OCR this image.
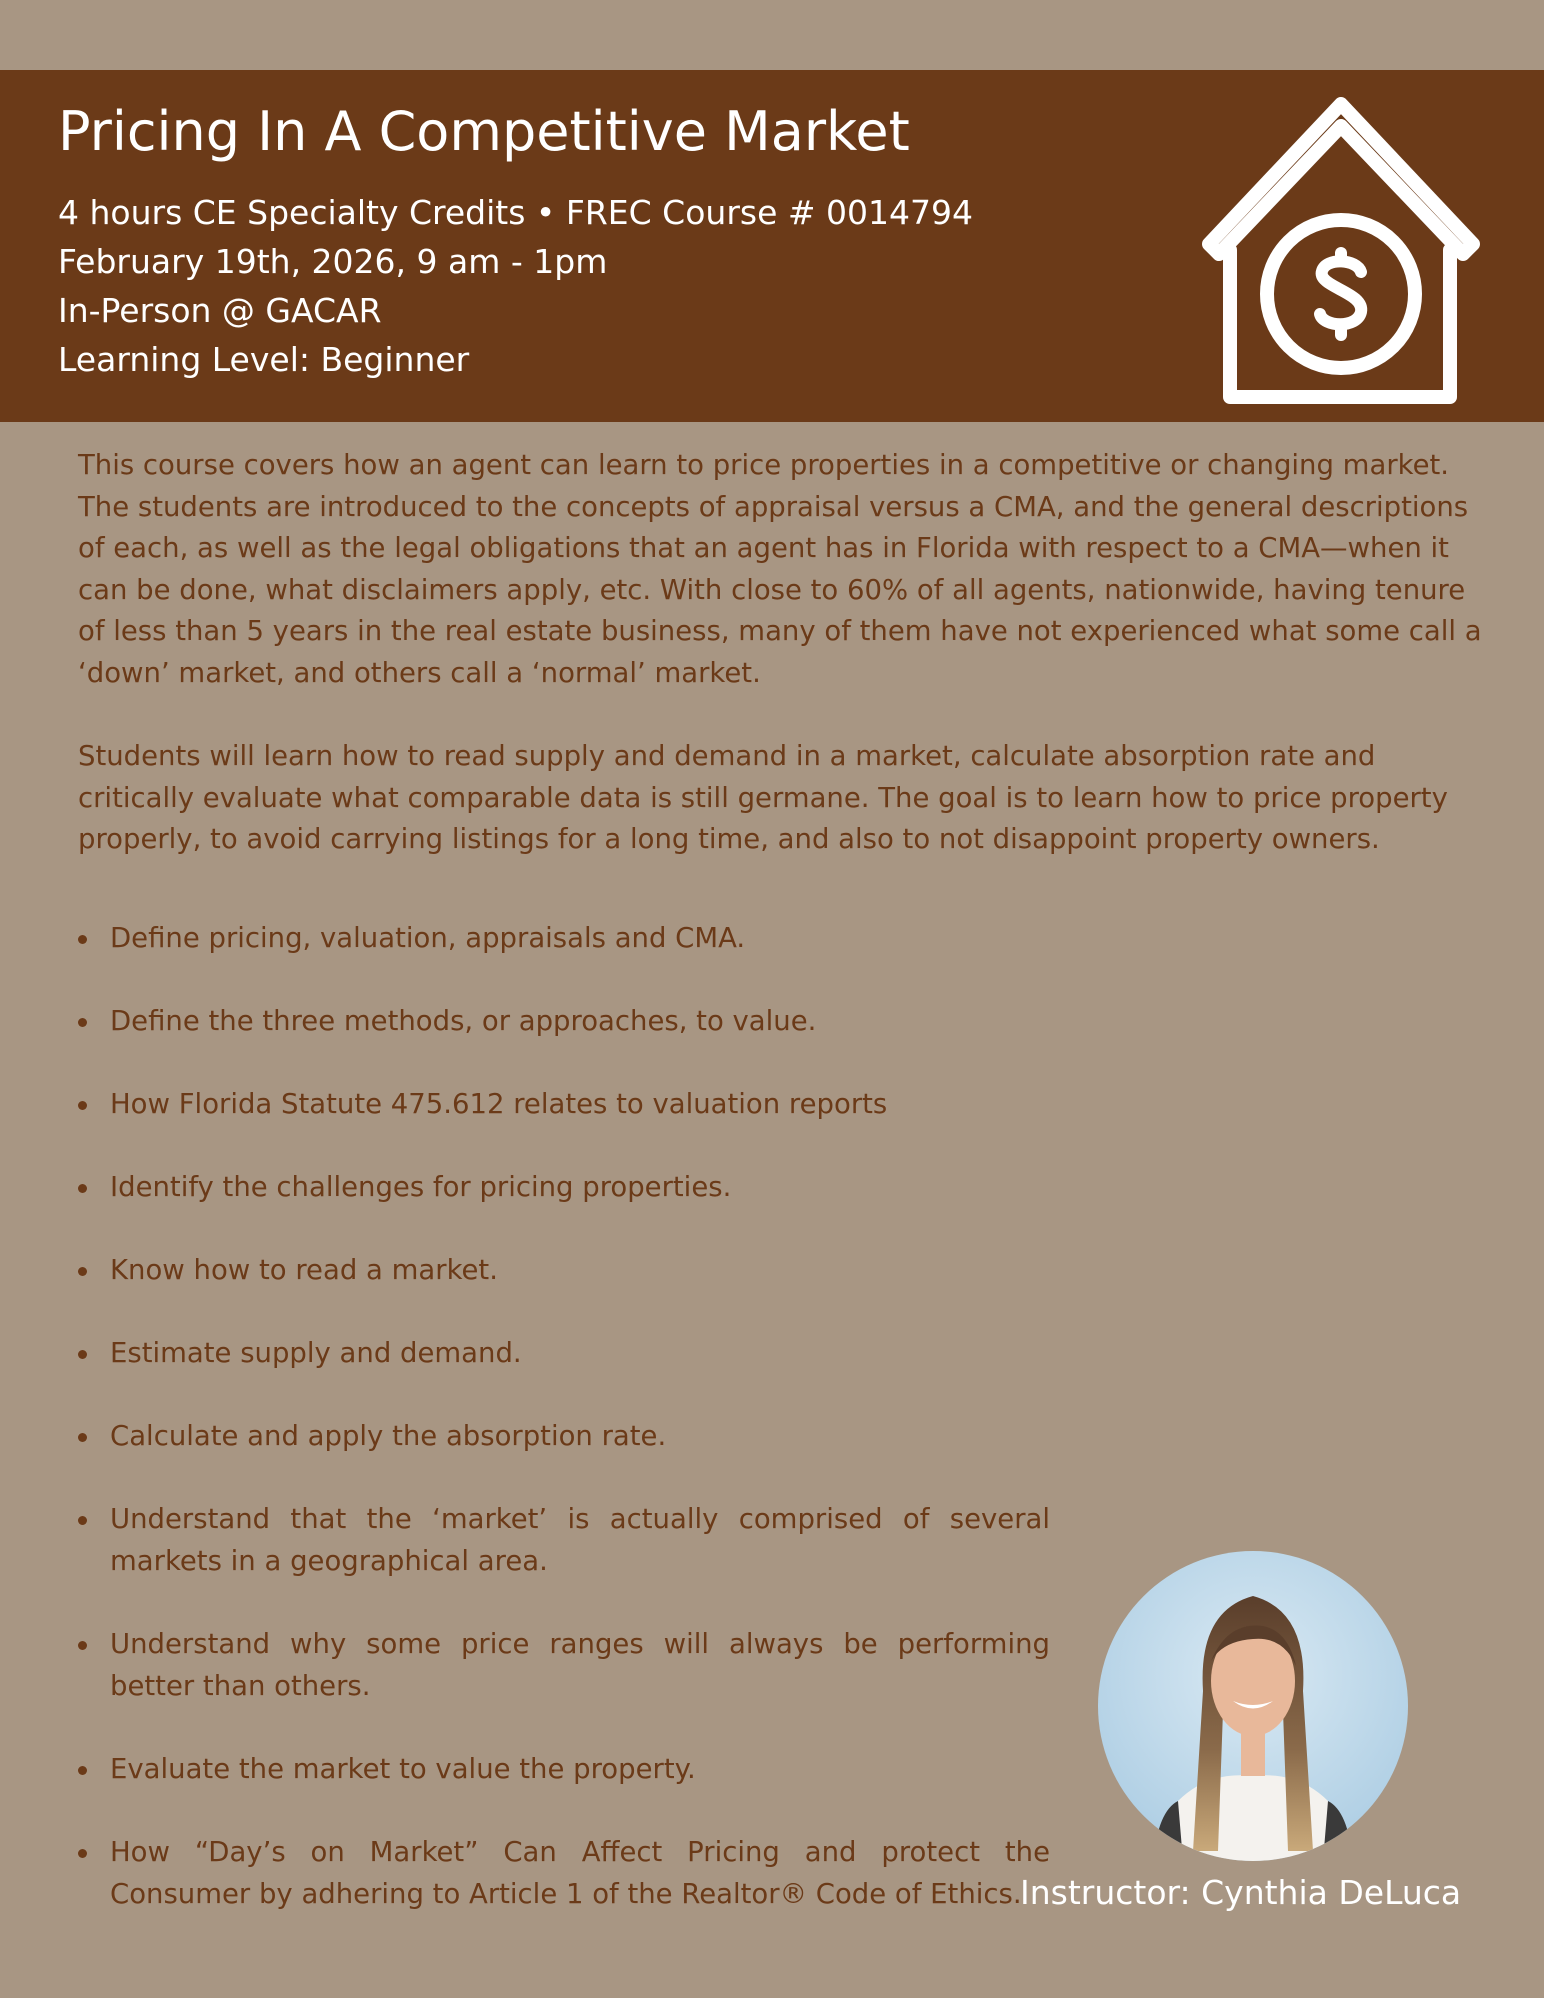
Pricing In A Competitive Market
4 hours CE Specialty Credits • FREC Course # 0014794
February 19th, 2026, 9 am - 1pm
In-Person @ GACAR
Learning Level: Beginner

This course covers how an agent can learn to price properties in a competitive or changing market. The students are introduced to the concepts of appraisal versus a CMA, and the general descriptions of each, as well as the legal obligations that an agent has in Florida with respect to a CMA—when it can be done, what disclaimers apply, etc. With close to 60% of all agents, nationwide, having tenure of less than 5 years in the real estate business, many of them have not experienced what some call a ‘down’ market, and others call a ‘normal’ market.

Students will learn how to read supply and demand in a market, calculate absorption rate and critically evaluate what comparable data is still germane. The goal is to learn how to price property properly, to avoid carrying listings for a long time, and also to not disappoint property owners.

Define pricing, valuation, appraisals and CMA.
Define the three methods, or approaches, to value.
How Florida Statute 475.612 relates to valuation reports
Identify the challenges for pricing properties.
Know how to read a market.
Estimate supply and demand.
Calculate and apply the absorption rate.
Understand that the ‘market’ is actually comprised of several markets in a geographical area.
Understand why some price ranges will always be performing better than others.
Evaluate the market to value the property.
How “Day’s on Market” Can Affect Pricing and protect the Consumer by adhering to Article 1 of the Realtor® Code of Ethics.
Instructor: Cynthia DeLuca
